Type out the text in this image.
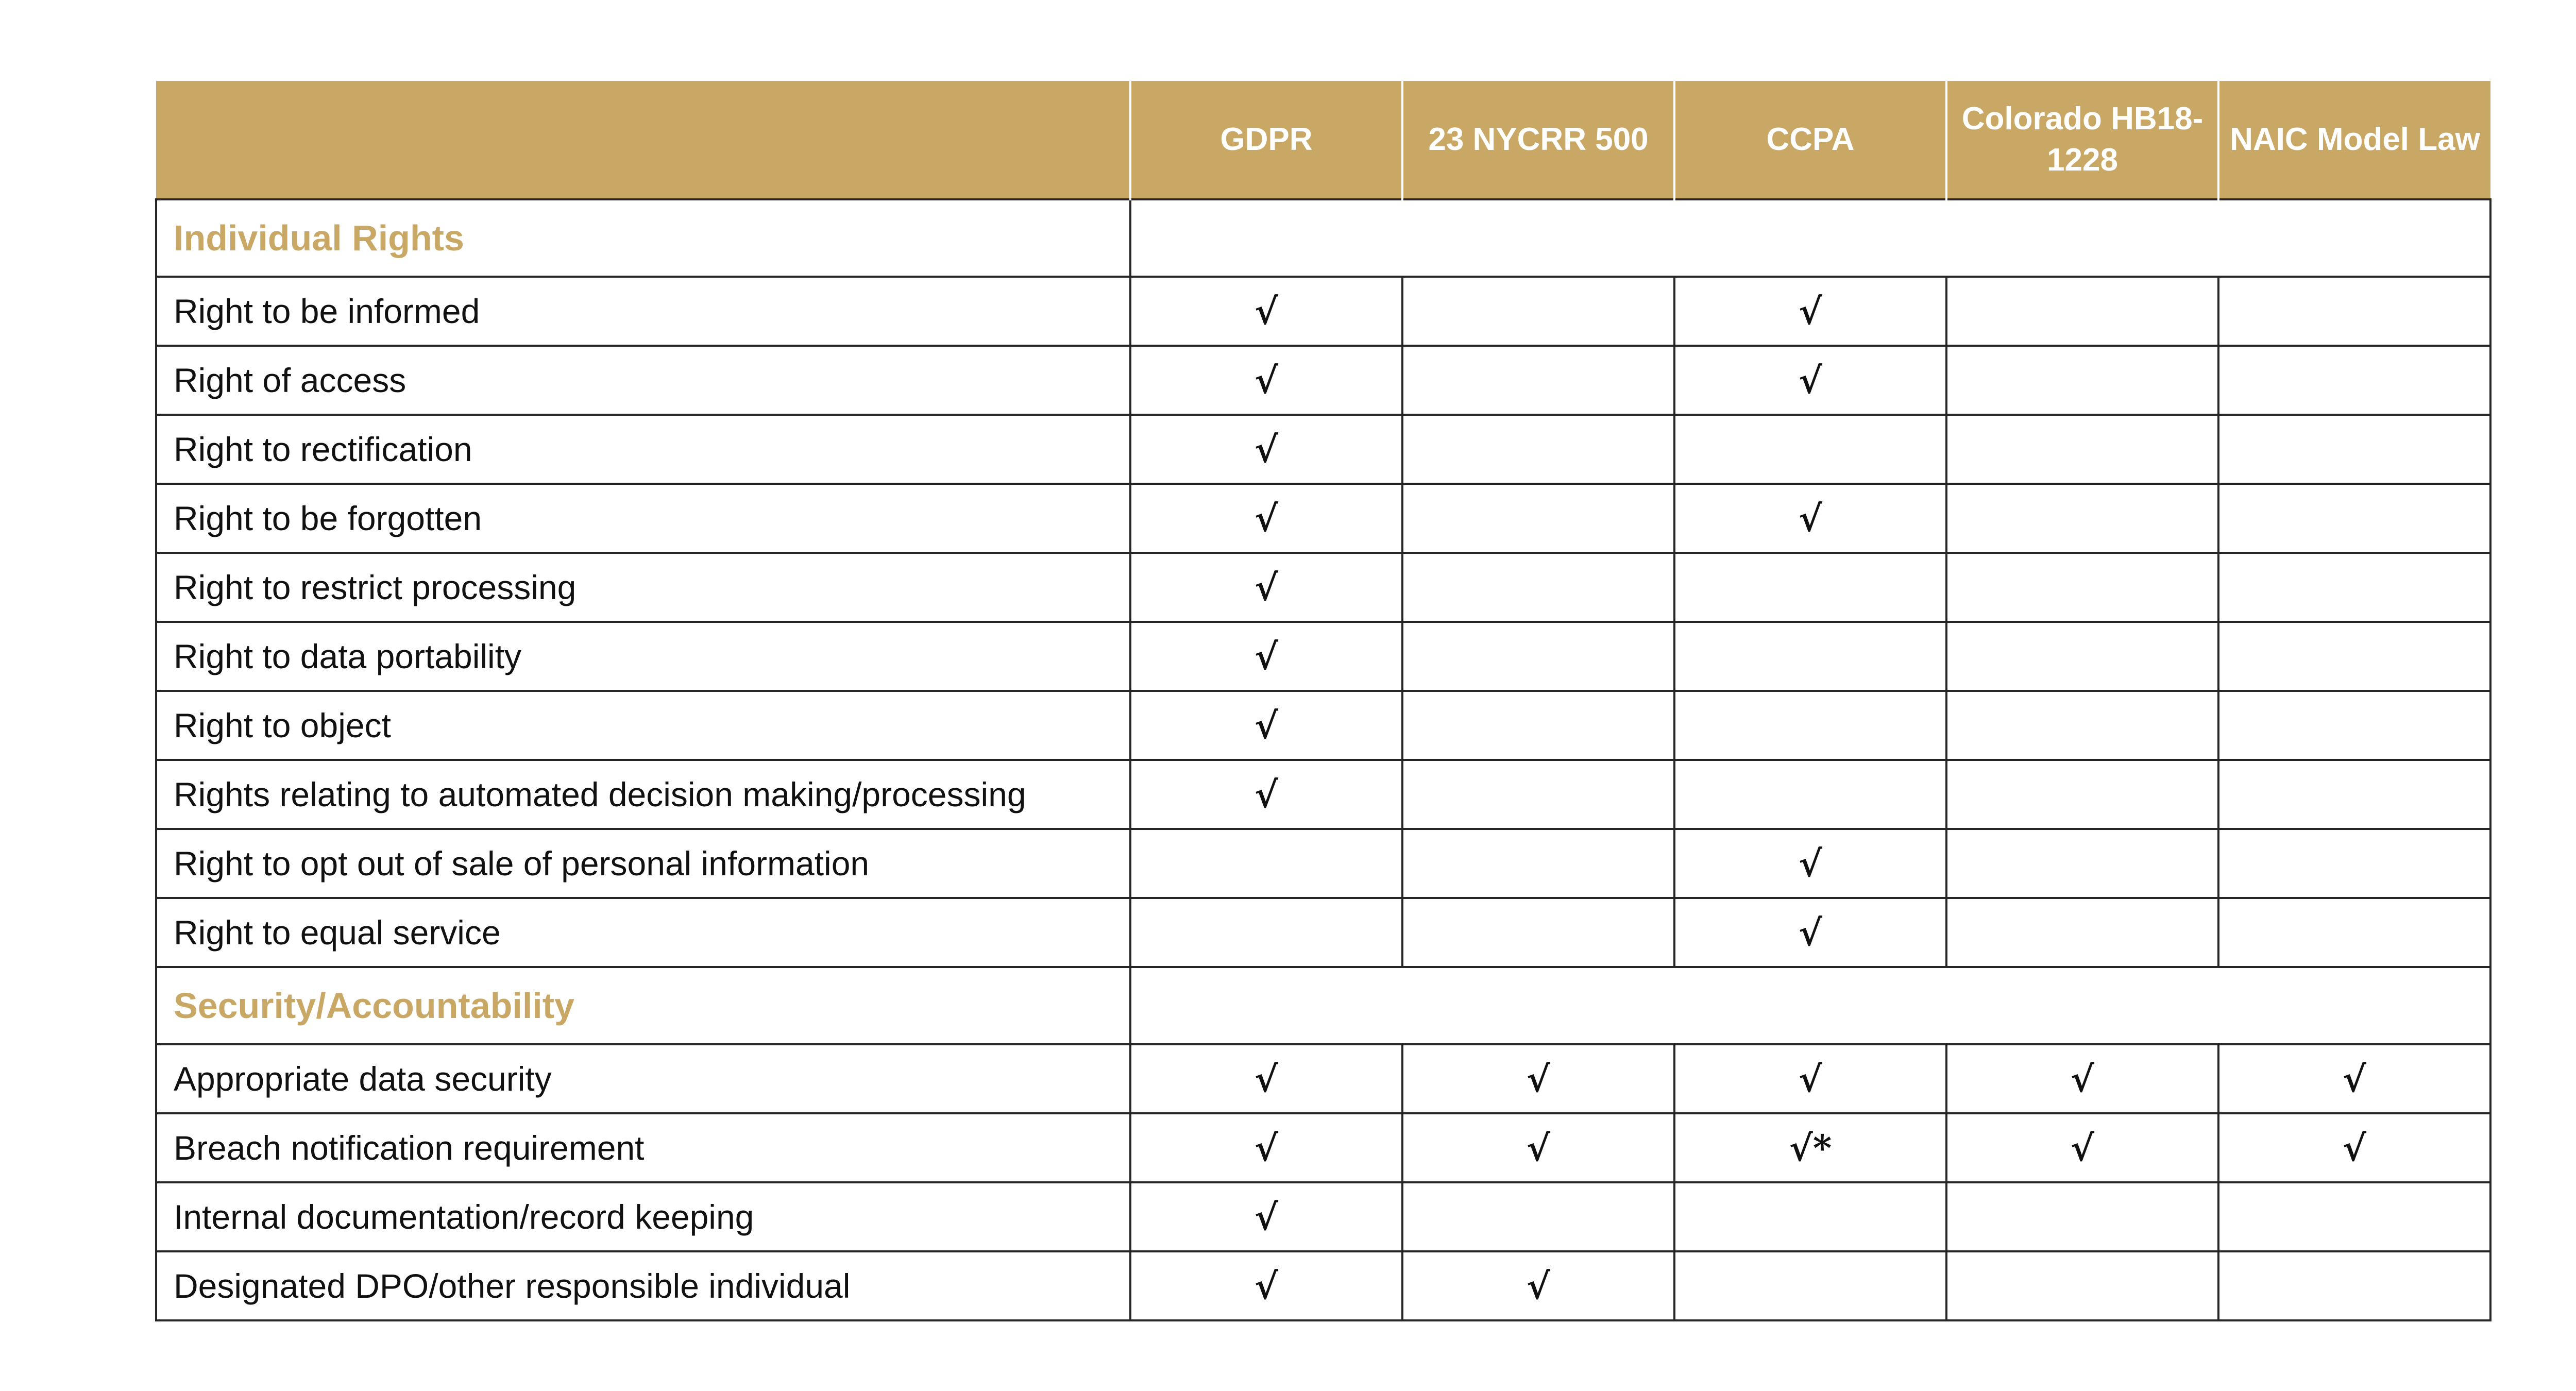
	GDPR	23 NYCRR 500	CCPA	Colorado HB18-1228	NAIC Model Law
Individual Rights					
Right to be informed	√		√		
Right of access	√		√		
Right to rectification	√				
Right to be forgotten	√		√		
Right to restrict processing	√				
Right to data portability	√				
Right to object	√				
Rights relating to automated decision making/processing	√				
Right to opt out of sale of personal information			√		
Right to equal service			√		
Security/Accountability					
Appropriate data security	√	√	√	√	√
Breach notification requirement	√	√	√*	√	√
Internal documentation/record keeping	√				
Designated DPO/other responsible individual	√	√			
